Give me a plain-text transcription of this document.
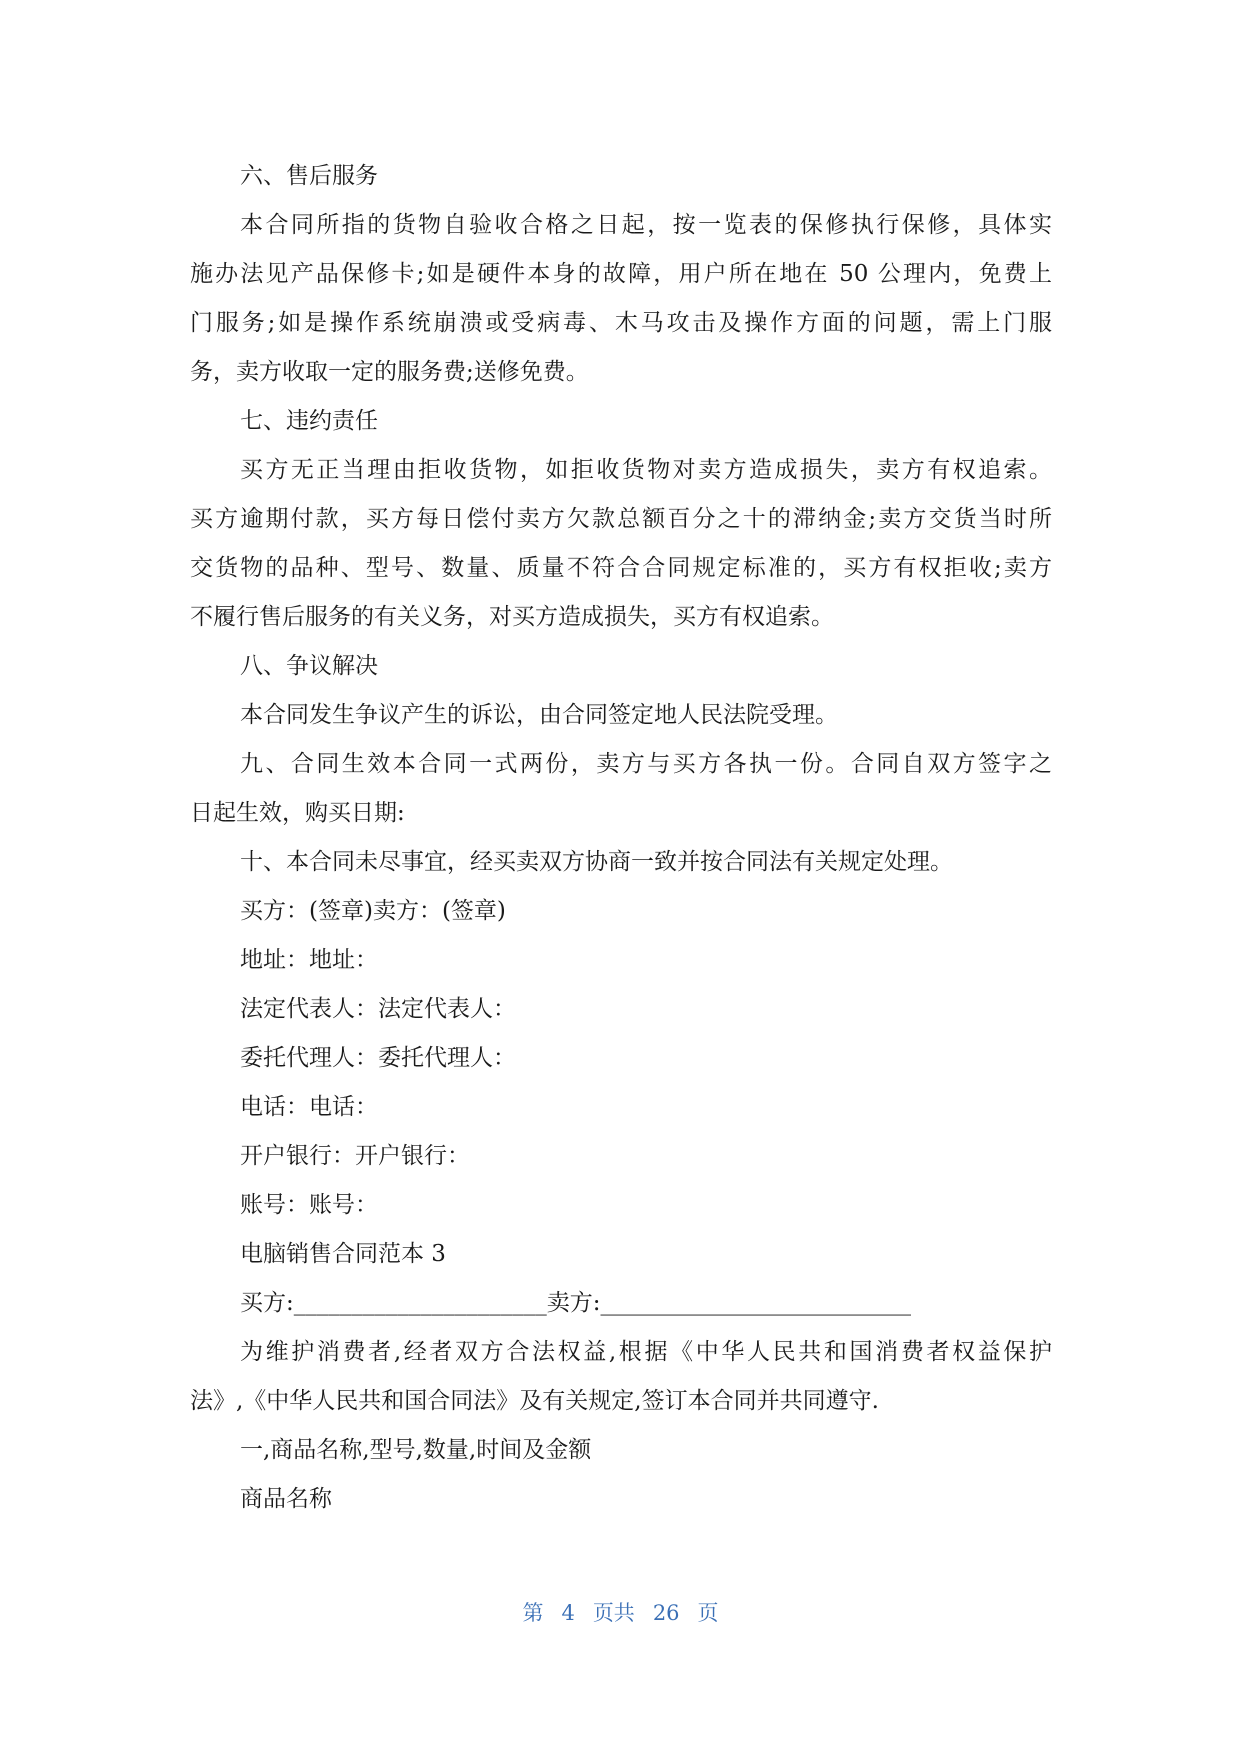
六、售后服务
本合同所指的货物自验收合格之日起，按一览表的保修执行保修，具体实
施办法见产品保修卡;如是硬件本身的故障，用户所在地在 50 公理内，免费上
门服务;如是操作系统崩溃或受病毒、木马攻击及操作方面的问题，需上门服
务，卖方收取一定的服务费;送修免费。
七、违约责任
买方无正当理由拒收货物，如拒收货物对卖方造成损失，卖方有权追索。
买方逾期付款，买方每日偿付卖方欠款总额百分之十的滞纳金;卖方交货当时所
交货物的品种、型号、数量、质量不符合合同规定标准的，买方有权拒收;卖方
不履行售后服务的有关义务，对买方造成损失，买方有权追索。
八、争议解决
本合同发生争议产生的诉讼，由合同签定地人民法院受理。
九、合同生效本合同一式两份，卖方与买方各执一份。合同自双方签字之
日起生效，购买日期:
十、本合同未尽事宜，经买卖双方协商一致并按合同法有关规定处理。
买方：(签章)卖方：(签章)
地址：地址：
法定代表人：法定代表人：
委托代理人：委托代理人：
电话：电话：
开户银行：开户银行：
账号：账号：
电脑销售合同范本 3
买方:______________________卖方:___________________________
为维护消费者,经者双方合法权益,根据《中华人民共和国消费者权益保护
法》,《中华人民共和国合同法》及有关规定,签订本合同并共同遵守.
一,商品名称,型号,数量,时间及金额
商品名称
第 4 页共 26 页
